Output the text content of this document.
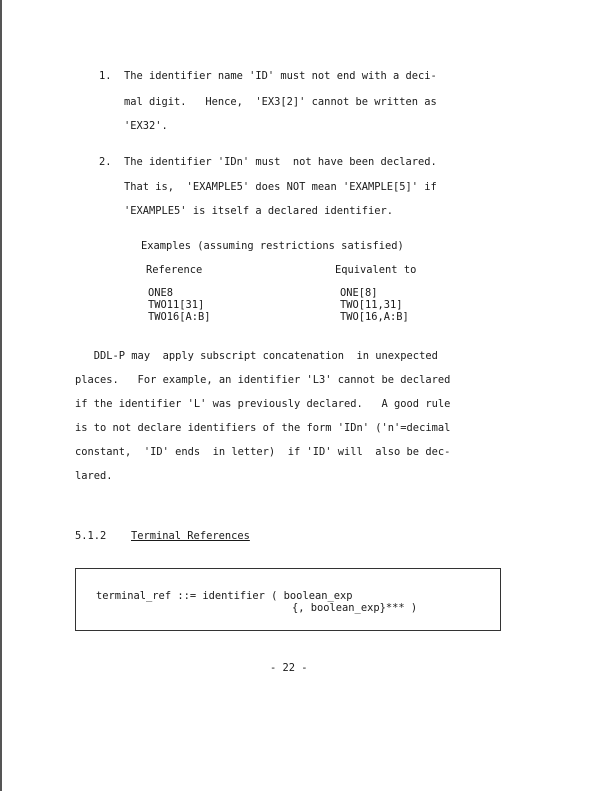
1. The identifier name 'ID' must not end with a deci-
mal digit.   Hence,  'EX3[2]' cannot be written as
'EX32'.
2. The identifier 'IDn' must  not have been declared.
That is,  'EXAMPLE5' does NOT mean 'EXAMPLE[5]' if
'EXAMPLE5' is itself a declared identifier.
Examples (assuming restrictions satisfied)
Reference	Equivalent to
ONE8	ONE[8]
TWO11[31]	TWO[11,31]
TWO16[A:B]	TWO[16,A:B]
DDL-P may  apply subscript concatenation  in unexpected
places.   For example, an identifier 'L3' cannot be declared
if the identifier 'L' was previously declared.   A good rule
is to not declare identifiers of the form 'IDn' ('n'=decimal
constant,  'ID' ends  in letter)  if 'ID' will  also be dec-
lared.
5.1.2 Terminal References
terminal_ref ::= identifier ( boolean_exp
{, boolean_exp}*** )
- 22 -
